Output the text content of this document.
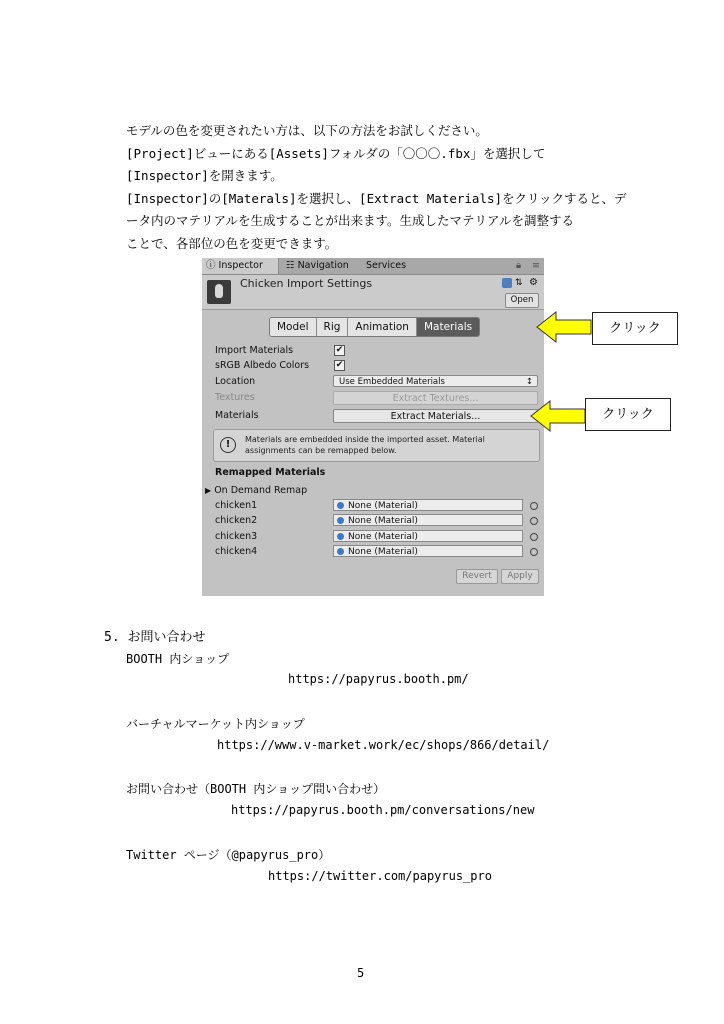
モデルの色を変更されたい方は、以下の方法をお試しください。
[Project]ビューにある[Assets]フォルダの「〇〇〇.fbx」を選択して
[Inspector]を開きます。
[Inspector]の[Materals]を選択し、[Extract Materials]をクリックすると、デ
ータ内のマテリアルを生成することが出来ます。生成したマテリアルを調整する
ことで、各部位の色を変更できます。
ⓘ Inspector	☷ Navigation	Services	🔒︎	≡
Chicken Import Settings	⇅ ⚙
Open
Model	Rig	Animation	Materials
Import Materials	✔
sRGB Albedo Colors	✔
Location	Use Embedded Materials	↕
Textures	Extract Textures...
Materials	Extract Materials...
!	Materials are embedded inside the imported asset. Material
assignments can be remapped below.
Remapped Materials
▶ On Demand Remap
chicken1	None (Material)
chicken2	None (Material)
chicken3	None (Material)
chicken4	None (Material)
Revert	Apply
クリック
クリック
5. お問い合わせ
BOOTH 内ショップ
https://papyrus.booth.pm/
バーチャルマーケット内ショップ
https://www.v-market.work/ec/shops/866/detail/
お問い合わせ（BOOTH 内ショップ問い合わせ）
https://papyrus.booth.pm/conversations/new
Twitter ページ（@papyrus_pro）
https://twitter.com/papyrus_pro
5
